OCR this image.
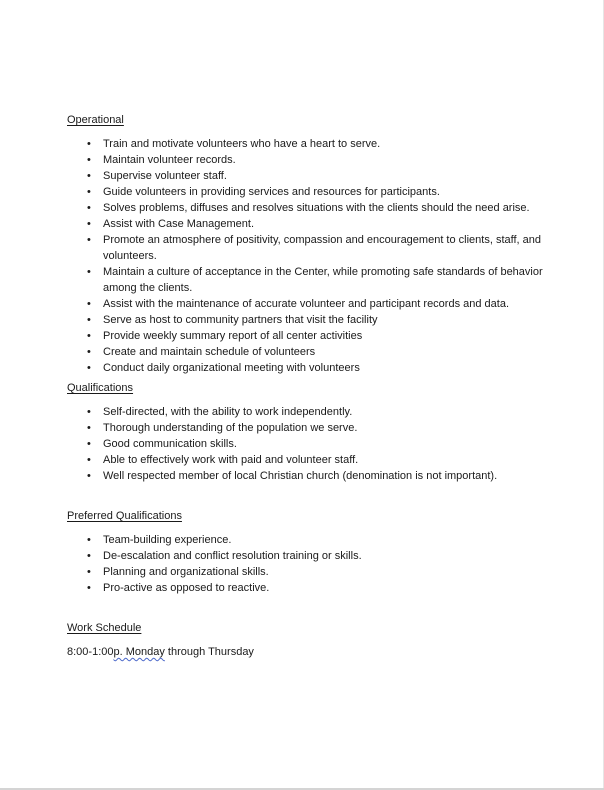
Operational

• Train and motivate volunteers who have a heart to serve.
• Maintain volunteer records.
• Supervise volunteer staff.
• Guide volunteers in providing services and resources for participants.
• Solves problems, diffuses and resolves situations with the clients should the need arise.
• Assist with Case Management.
• Promote an atmosphere of positivity, compassion and encouragement to clients, staff, and volunteers.
• Maintain a culture of acceptance in the Center, while promoting safe standards of behavior among the clients.
• Assist with the maintenance of accurate volunteer and participant records and data.
• Serve as host to community partners that visit the facility
• Provide weekly summary report of all center activities
• Create and maintain schedule of volunteers
• Conduct daily organizational meeting with volunteers

Qualifications

• Self-directed, with the ability to work independently.
• Thorough understanding of the population we serve.
• Good communication skills.
• Able to effectively work with paid and volunteer staff.
• Well respected member of local Christian church (denomination is not important).

Preferred Qualifications

• Team-building experience.
• De-escalation and conflict resolution training or skills.
• Planning and organizational skills.
• Pro-active as opposed to reactive.

Work Schedule

8:00-1:00p. Monday through Thursday
